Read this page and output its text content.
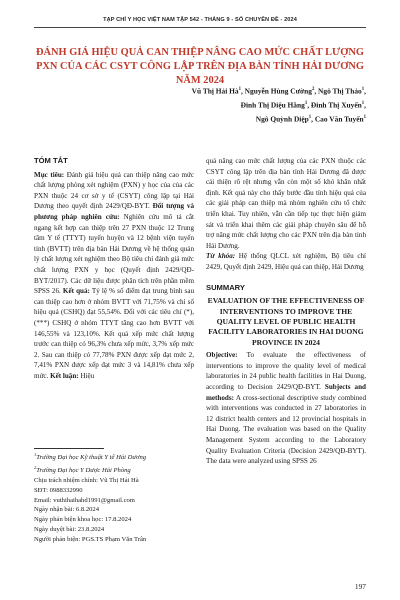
TẠP CHÍ Y HỌC VIỆT NAM TẬP 542 - THÁNG 9 - SỐ CHUYÊN ĐỀ - 2024
ĐÁNH GIÁ HIỆU QUẢ CAN THIỆP NÂNG CAO MỨC CHẤT LƯỢNG PXN CỦA CÁC CSYT CÔNG LẬP TRÊN ĐỊA BÀN TỈNH HẢI DƯƠNG NĂM 2024
Vũ Thị Hải $Hà^1$, Nguyễn Hùng Cường$^2$, Ngô Thị Thảo$^1$,
Đinh Thị Diệu Hằng$^1$, Đinh Thị Xuyến$^1$,
Ngô Quỳnh Diệp$^1$, Cao Văn Tuyến$^1$

TÓM TẮT

Mục tiêu: Đánh giá hiệu quả can thiệp nâng cao mức chất lượng phòng xét nghiệm (PXN) y học của của các PXN thuộc 24 cơ sở y tế (CSYT) công lập tại Hải Dương theo quyết định 2429/QĐ-BYT. Đối tượng và phương pháp nghiên cứu: Nghiên cứu mô tả cắt ngang kết hợp can thiệp trên 27 PXN thuộc 12 Trung tâm Y tế (TTYT) tuyến huyện và 12 bệnh viện tuyến tỉnh (BVTT) trên địa bàn Hải Dương về hệ thống quản lý chất lượng xét nghiệm theo Bộ tiêu chí đánh giá mức chất lượng PXN y học (Quyết định 2429/QĐ-BYT/2017). Các dữ liệu được phân tích trên phần mềm SPSS 26. Kết quả: Tỷ lệ % số điểm đạt trung bình sau can thiệp cao hơn ở nhóm BVTT với 71,75% và chỉ số hiệu quả (CSHQ) đạt 55,54%. Đối với các tiêu chí (*), (***) CSHQ ở nhóm TTYT tăng cao hơn BVTT với 146,55% và 123,10%. Kết quả xếp mức chất lượng trước can thiệp có 96,3% chưa xếp mức, 3,7% xếp mức 2. Sau can thiệp có 77,78% PXN được xếp đạt mức 2, 7,41% PXN được xếp đạt mức 3 và 14,81% chưa xếp mức. Kết luận: Hiệu

$^1$Trường Đại học Kỹ thuật Y tế Hải Dương

$^2$Trường Đại học Y Dược Hải Phòng

Chịu trách nhiệm chính: Vũ Thị Hải Hà

SĐT: 0988332990

Email: vuthihaihahd1991@gmail.com

Ngày nhận bài: 6.8.2024

Ngày phản biện khoa học: 17.8.2024

Ngày duyệt bài: 23.8.2024

Người phản biện: PGS.TS Phạm Văn Trân

quả nâng cao mức chất lượng của các PXN thuộc các CSYT công lập trên địa bàn tỉnh Hải Dương đã được cải thiện rõ rệt nhưng vẫn còn một số khó khăn nhất định. Kết quả này cho thấy bước đầu tính hiệu quả của các giải pháp can thiệp mà nhóm nghiên cứu tổ chức triển khai. Tuy nhiên, vẫn cần tiếp tục thực hiện giám sát và triển khai thêm các giải pháp chuyên sâu để hỗ trợ nâng mức chất lượng cho các PXN trên địa bàn tỉnh Hải Dương.

Từ khóa: Hệ thống QLCL xét nghiệm, Bộ tiêu chí 2429, Quyết định 2429, Hiệu quả can thiệp, Hải Dương

SUMMARY

EVALUATION OF THE EFFECTIVENESS OF INTERVENTIONS TO IMPROVE THE QUALITY LEVEL OF PUBLIC HEALTH FACILITY LABORATORIES IN HAI DUONG PROVINCE IN 2024

Objective: To evaluate the effectiveness of interventions to improve the quality level of medical laboratories in 24 public health facilities in Hai Duong, according to Decision 2429/QĐ-BYT. Subjects and methods: A cross-sectional descriptive study combined with interventions was conducted in 27 laboratories in 12 district health centers and 12 provincial hospitals in Hai Duong. The evaluation was based on the Quality Management System according to the Laboratory Quality Evaluation Criteria (Decision 2429/QĐ-BYT). The data were analyzed using SPSS 26

197
